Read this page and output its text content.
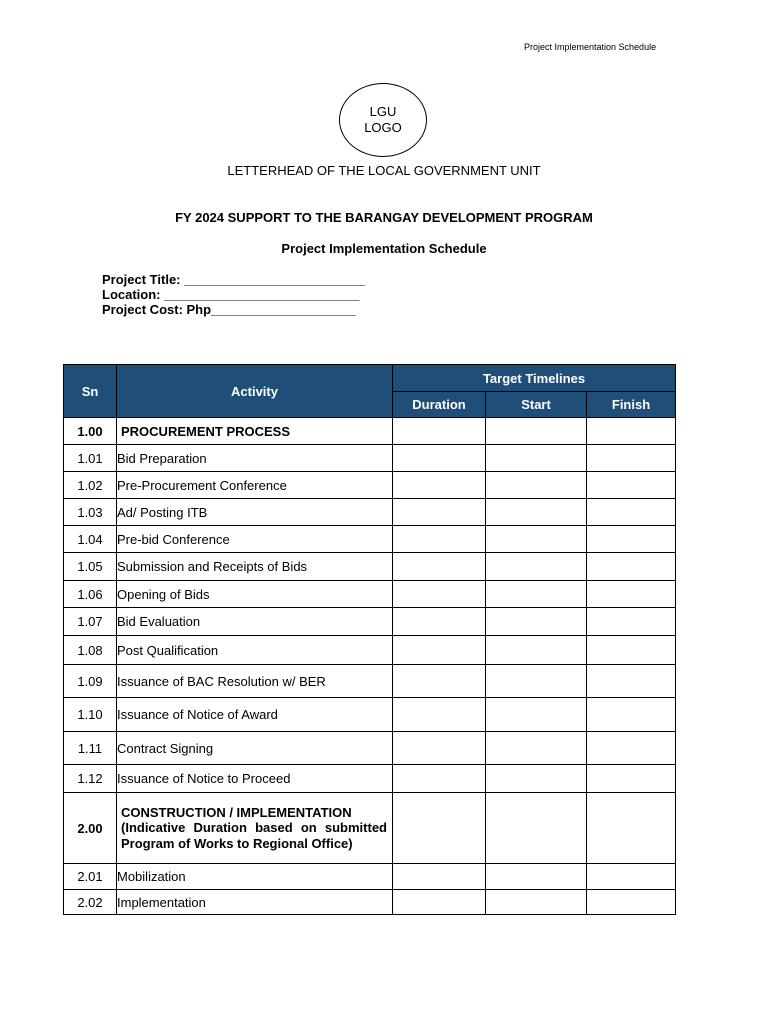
Project Implementation Schedule
LGU
LOGO
LETTERHEAD OF THE LOCAL GOVERNMENT UNIT
FY 2024 SUPPORT TO THE BARANGAY DEVELOPMENT PROGRAM
Project Implementation Schedule
Project Title: _________________________
Location: ___________________________
Project Cost: Php____________________
Sn	Activity	Target Timelines		
		Duration	Start	Finish
1.00	PROCUREMENT PROCESS			
1.01	Bid Preparation			
1.02	Pre-Procurement Conference			
1.03	Ad/ Posting ITB			
1.04	Pre-bid Conference			
1.05	Submission and Receipts of Bids			
1.06	Opening of Bids			
1.07	Bid Evaluation			
1.08	Post Qualification			
1.09	Issuance of BAC Resolution w/ BER			
1.10	Issuance of Notice of Award			
1.11	Contract Signing			
1.12	Issuance of Notice to Proceed			
2.00	CONSTRUCTION / IMPLEMENTATION
(Indicative Duration based on submitted Program of Works to Regional Office)			

2.01	Mobilization			
2.02	Implementation			
